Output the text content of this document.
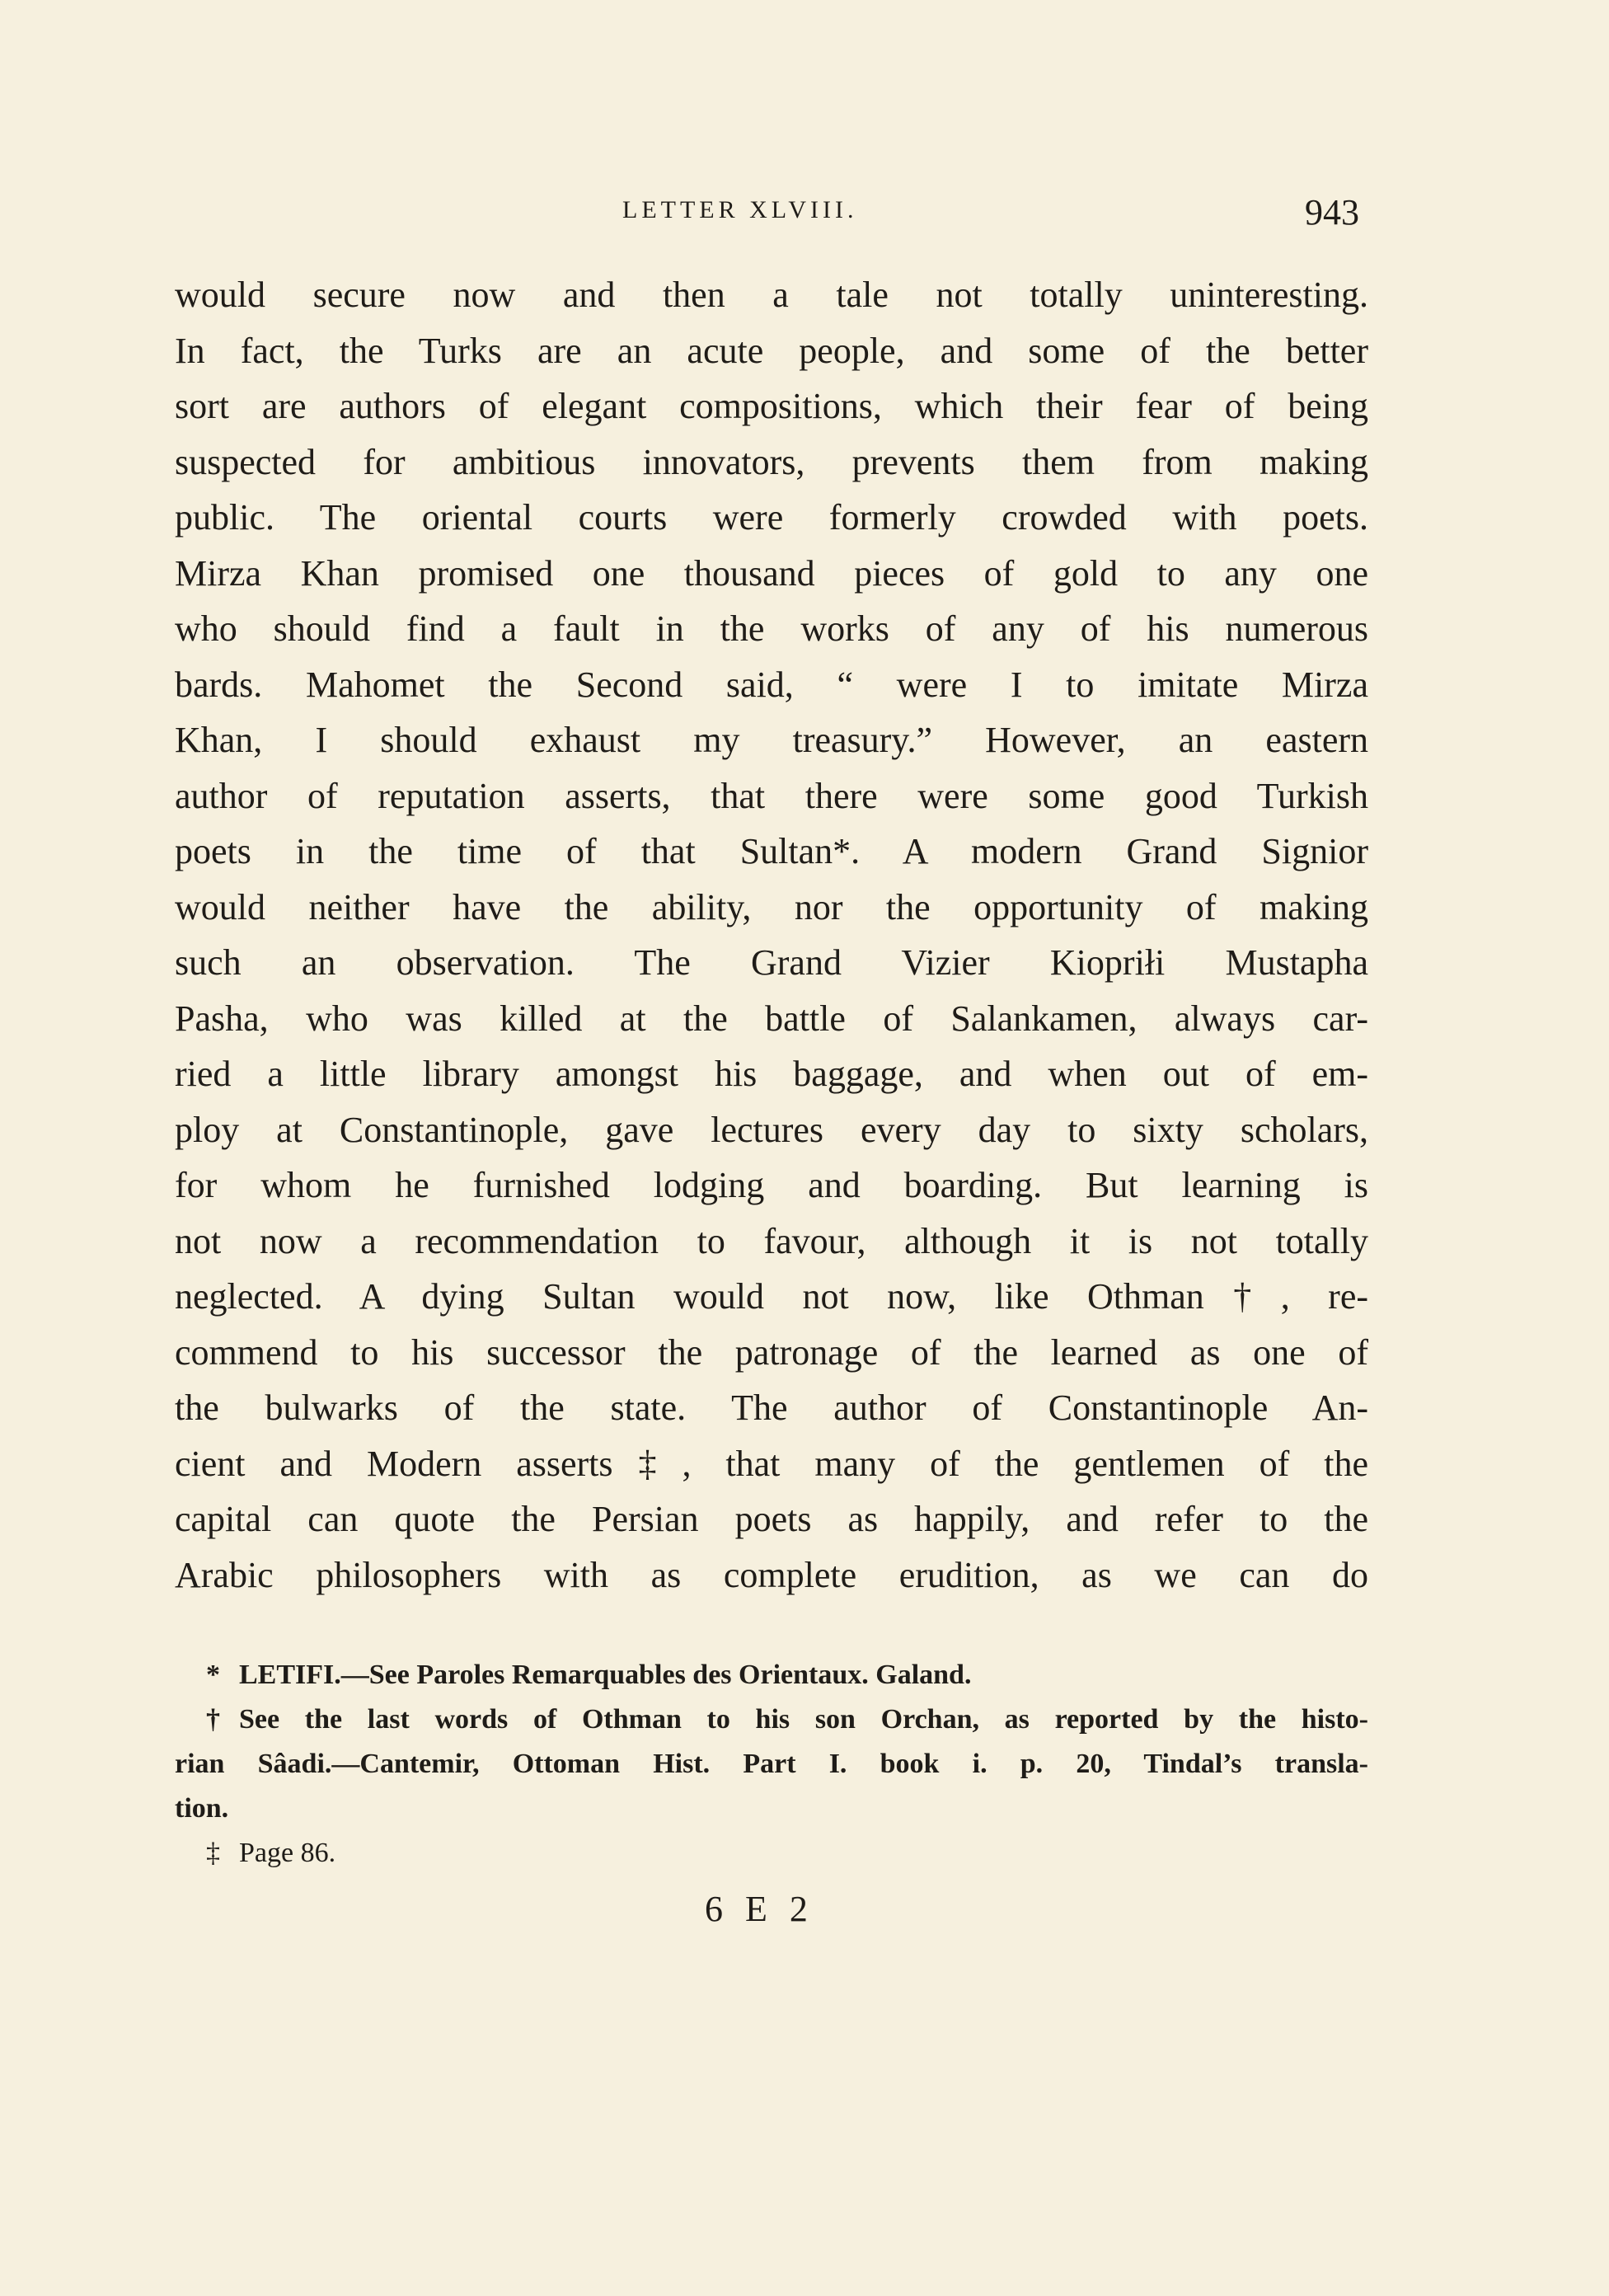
LETTER XLVIII.	943
would secure now and then a tale not totally uninteresting.
In fact, the Turks are an acute people, and some of the better
sort are authors of elegant compositions, which their fear of being
suspected for ambitious innovators, prevents them from making
public. The oriental courts were formerly crowded with poets.
Mirza Khan promised one thousand pieces of gold to any one
who should find a fault in the works of any of his numerous
bards. Mahomet the Second said, “ were I to imitate Mirza
Khan, I should exhaust my treasury.” However, an eastern
author of reputation asserts, that there were some good Turkish
poets in the time of that Sultan*. A modern Grand Signior
would neither have the ability, nor the opportunity of making
such an observation. The Grand Vizier Kiopriłi Mustapha
Pasha, who was killed at the battle of Salankamen, always car-
ried a little library amongst his baggage, and when out of em-
ploy at Constantinople, gave lectures every day to sixty scholars,
for whom he furnished lodging and boarding. But learning is
not now a recommendation to favour, although it is not totally
neglected. A dying Sultan would not now, like Othman†, re-
commend to his successor the patronage of the learned as one of
the bulwarks of the state. The author of Constantinople An-
cient and Modern asserts‡, that many of the gentlemen of the
capital can quote the Persian poets as happily, and refer to the
Arabic philosophers with as complete erudition, as we can do
* LETIFI.—See Paroles Remarquables des Orientaux. Galand.
† See the last words of Othman to his son Orchan, as reported by the histo-
rian Sâadi.—Cantemir, Ottoman Hist. Part I. book i. p. 20, Tindal’s transla-
tion.
‡ Page 86.
6 E 2
